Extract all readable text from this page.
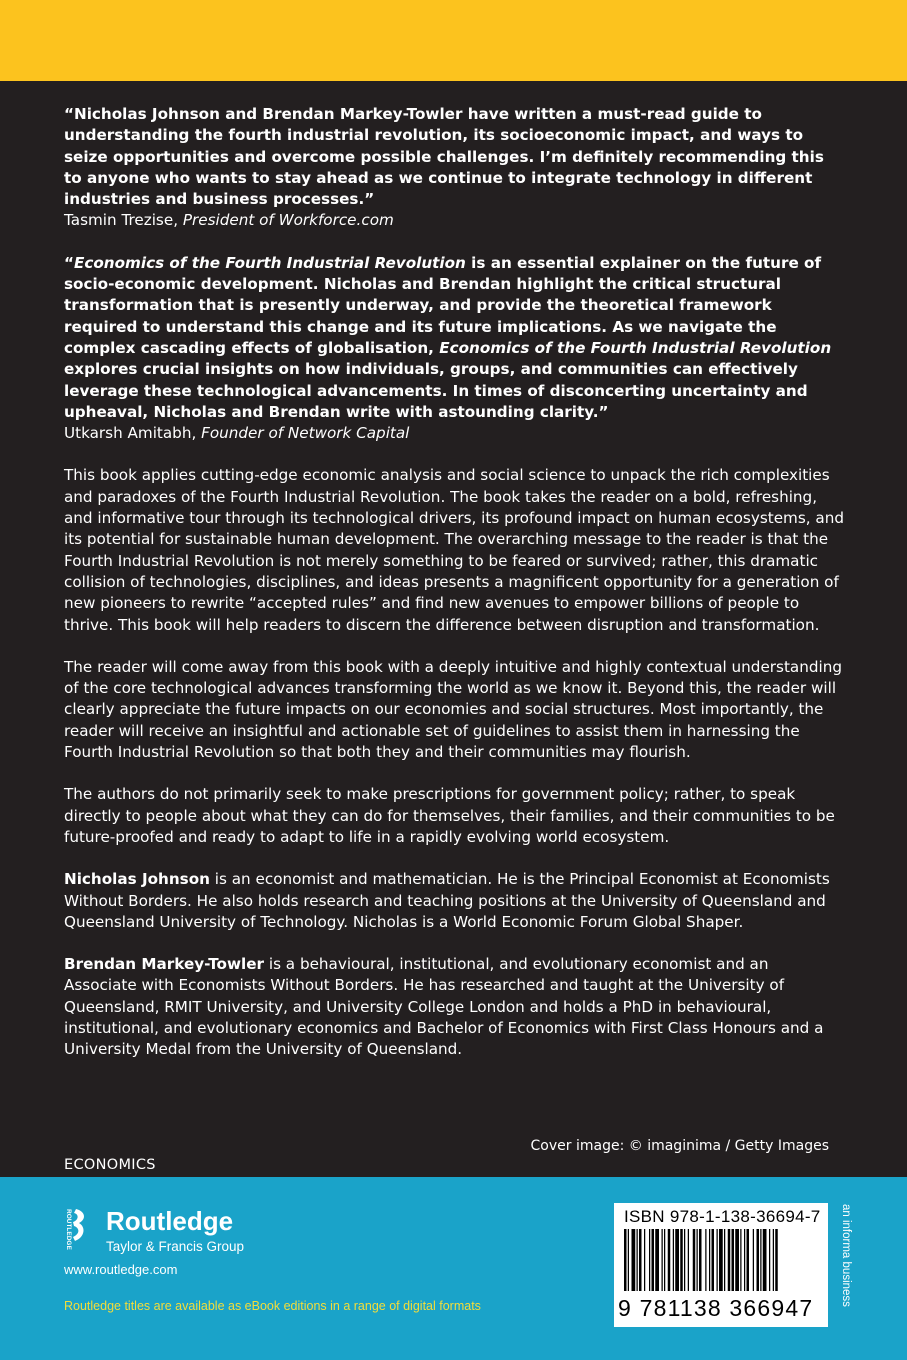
“Nicholas Johnson and Brendan Markey-Towler have written a must-read guide to understanding the fourth industrial revolution, its socioeconomic impact, and ways to seize opportunities and overcome possible challenges. I’m definitely recommending this to anyone who wants to stay ahead as we continue to integrate technology in different industries and business processes.”

Tasmin Trezise, President of Workforce.com

“Economics of the Fourth Industrial Revolution is an essential explainer on the future of socio-economic development. Nicholas and Brendan highlight the critical structural transformation that is presently underway, and provide the theoretical framework required to understand this change and its future implications. As we navigate the complex cascading effects of globalisation, Economics of the Fourth Industrial Revolution explores crucial insights on how individuals, groups, and communities can effectively leverage these technological advancements. In times of disconcerting uncertainty and upheaval, Nicholas and Brendan write with astounding clarity.”

Utkarsh Amitabh, Founder of Network Capital

This book applies cutting-edge economic analysis and social science to unpack the rich complexities and paradoxes of the Fourth Industrial Revolution. The book takes the reader on a bold, refreshing, and informative tour through its technological drivers, its profound impact on human ecosystems, and its potential for sustainable human development. The overarching message to the reader is that the Fourth Industrial Revolution is not merely something to be feared or survived; rather, this dramatic collision of technologies, disciplines, and ideas presents a magnificent opportunity for a generation of new pioneers to rewrite “accepted rules” and find new avenues to empower billions of people to thrive. This book will help readers to discern the difference between disruption and transformation.

The reader will come away from this book with a deeply intuitive and highly contextual understanding of the core technological advances transforming the world as we know it. Beyond this, the reader will clearly appreciate the future impacts on our economies and social structures. Most importantly, the reader will receive an insightful and actionable set of guidelines to assist them in harnessing the Fourth Industrial Revolution so that both they and their communities may flourish.

The authors do not primarily seek to make prescriptions for government policy; rather, to speak directly to people about what they can do for themselves, their families, and their communities to be future-proofed and ready to adapt to life in a rapidly evolving world ecosystem.

Nicholas Johnson is an economist and mathematician. He is the Principal Economist at Economists Without Borders. He also holds research and teaching positions at the University of Queensland and Queensland University of Technology. Nicholas is a World Economic Forum Global Shaper.

Brendan Markey-Towler is a behavioural, institutional, and evolutionary economist and an Associate with Economists Without Borders. He has researched and taught at the University of Queensland, RMIT University, and University College London and holds a PhD in behavioural, institutional, and evolutionary economics and Bachelor of Economics with First Class Honours and a University Medal from the University of Queensland.

Cover image: © imaginima / Getty Images
ECONOMICS
ROUTLEDGE Routledge
Taylor & Francis Group
www.routledge.com
Routledge titles are available as eBook editions in a range of digital formats
ISBN 978-1-138-36694-7
9 781138 366947
an informa business
